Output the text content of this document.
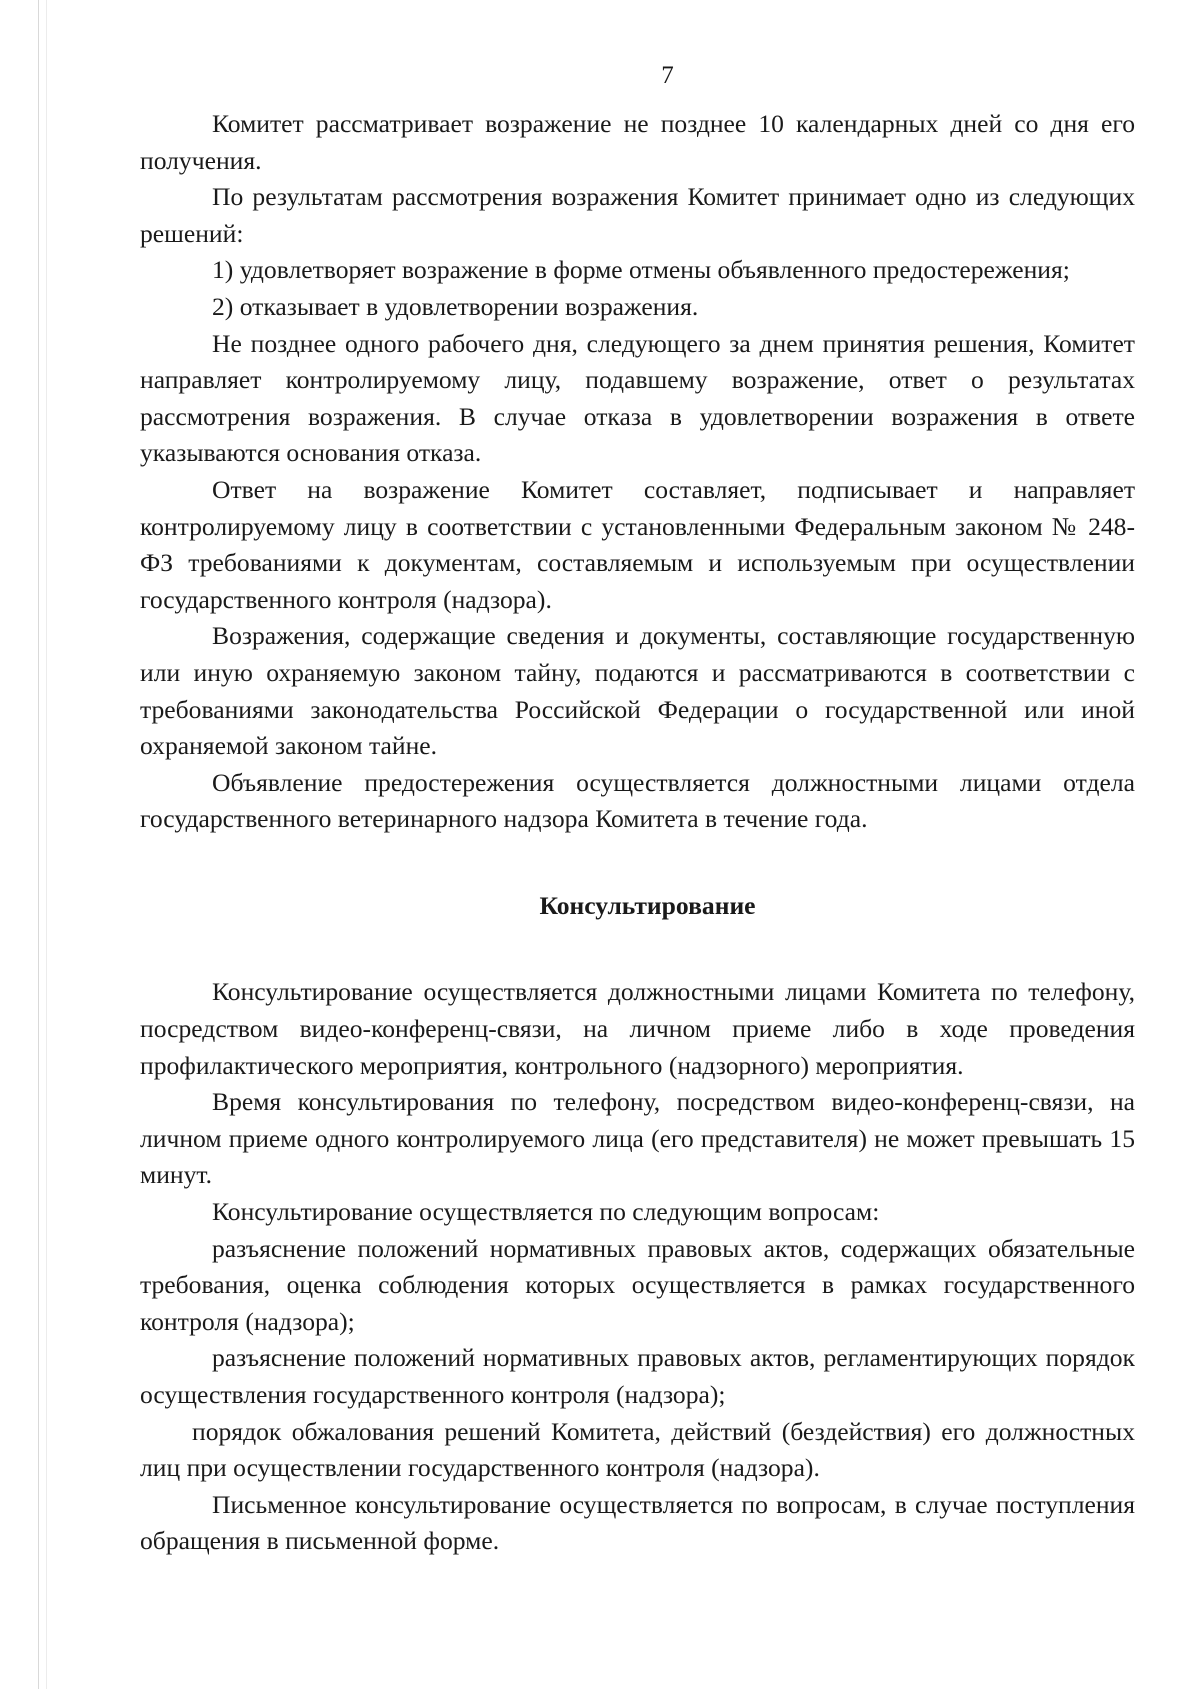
7

Комитет рассматривает возражение не позднее 10 календарных дней со дня его получения.

По результатам рассмотрения возражения Комитет принимает одно из следующих решений:

1) удовлетворяет возражение в форме отмены объявленного предостережения;

2) отказывает в удовлетворении возражения.

Не позднее одного рабочего дня, следующего за днем принятия решения, Комитет направляет контролируемому лицу, подавшему возражение, ответ о результатах рассмотрения возражения. В случае отказа в удовлетворении возражения в ответе указываются основания отказа.

Ответ на возражение Комитет составляет, подписывает и направляет контролируемому лицу в соответствии с установленными Федеральным законом № 248-ФЗ требованиями к документам, составляемым и используемым при осуществлении государственного контроля (надзора).

Возражения, содержащие сведения и документы, составляющие государственную или иную охраняемую законом тайну, подаются и рассматриваются в соответствии с требованиями законодательства Российской Федерации о государственной или иной охраняемой законом тайне.

Объявление предостережения осуществляется должностными лицами отдела государственного ветеринарного надзора Комитета в течение года.

Консультирование

Консультирование осуществляется должностными лицами Комитета по телефону, посредством видео-конференц-связи, на личном приеме либо в ходе проведения профилактического мероприятия, контрольного (надзорного) мероприятия.

Время консультирования по телефону, посредством видео-конференц-связи, на личном приеме одного контролируемого лица (его представителя) не может превышать 15 минут.

Консультирование осуществляется по следующим вопросам:

разъяснение положений нормативных правовых актов, содержащих обязательные требования, оценка соблюдения которых осуществляется в рамках государственного контроля (надзора);

разъяснение положений нормативных правовых актов, регламентирующих порядок осуществления государственного контроля (надзора);

порядок обжалования решений Комитета, действий (бездействия) его должностных лиц при осуществлении государственного контроля (надзора).

Письменное консультирование осуществляется по вопросам, в случае поступления обращения в письменной форме.
